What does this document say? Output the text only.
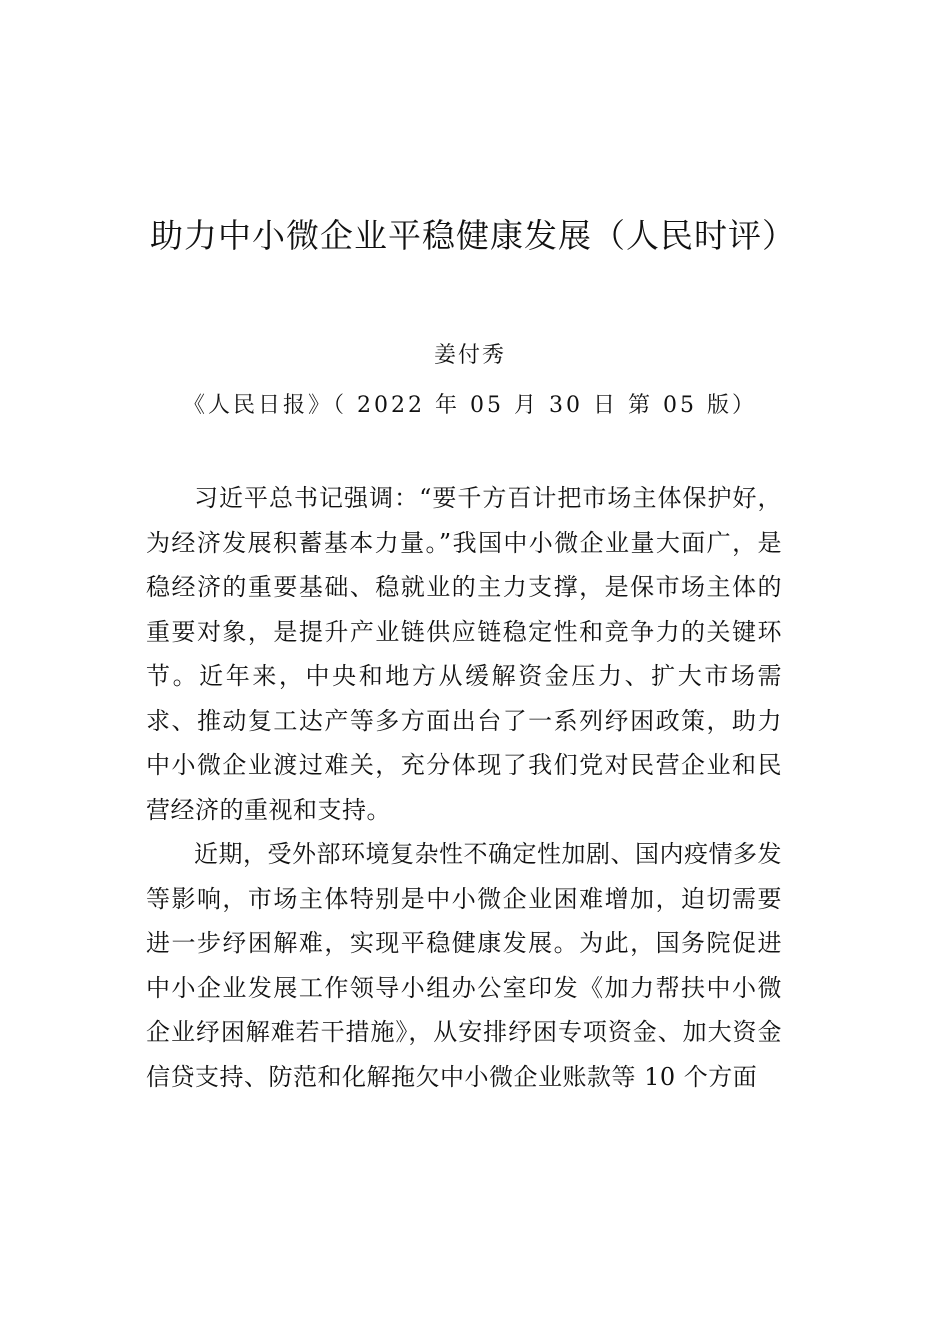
助力中小微企业平稳健康发展（人民时评）
姜付秀
《人民日报》（ 2022 年 05 月 30 日 第 05 版）

习近平总书记强调：“要千方百计把市场主体保护好，为经济发展积蓄基本力量。”我国中小微企业量大面广，是稳经济的重要基础、稳就业的主力支撑，是保市场主体的重要对象，是提升产业链供应链稳定性和竞争力的关键环节。近年来，中央和地方从缓解资金压力、扩大市场需求、推动复工达产等多方面出台了一系列纾困政策，助力中小微企业渡过难关，充分体现了我们党对民营企业和民营经济的重视和支持。

近期，受外部环境复杂性不确定性加剧、国内疫情多发等影响，市场主体特别是中小微企业困难增加，迫切需要进一步纾困解难，实现平稳健康发展。为此，国务院促进中小企业发展工作领导小组办公室印发《加力帮扶中小微企业纾困解难若干措施》，从安排纾困专项资金、加大资金信贷支持、防范和化解拖欠中小微企业账款等 10 个方面
